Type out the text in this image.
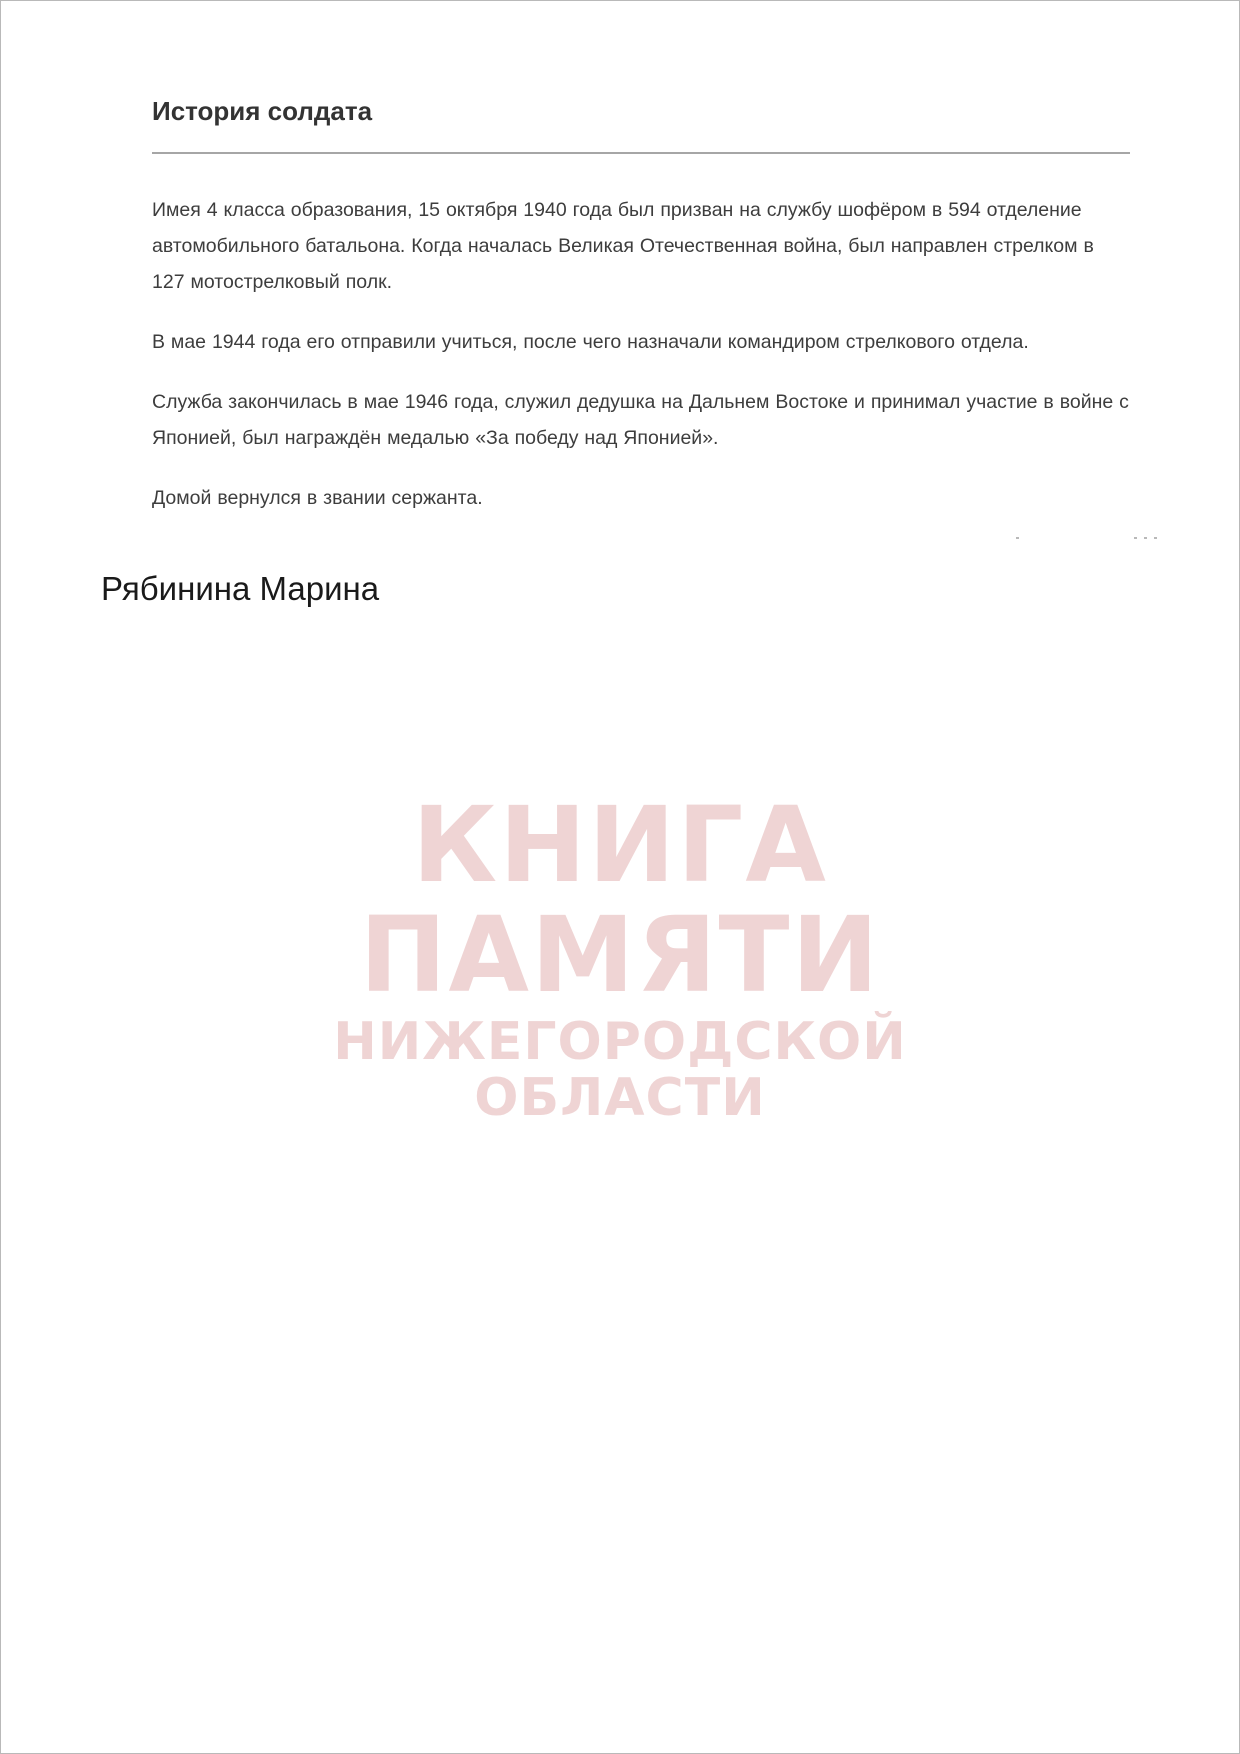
КНИГА ПАМЯТИ
НИЖЕГОРОДСКОЙ ОБЛАСТИ
История солдата

Имея 4 класса образования, 15 октября 1940 года был призван на службу шофёром в 594 отделение автомобильного батальона. Когда началась Великая Отечественная война, был направлен стрелком в 127 мотострелковый полк.

В мае 1944 года его отправили учиться, после чего назначали командиром стрелкового отдела.

Служба закончилась в мае 1946 года, служил дедушка на Дальнем Востоке и принимал участие в войне с Японией, был награждён медалью «За победу над Японией».

Домой вернулся в звании сержанта.

Рябинина Марина
